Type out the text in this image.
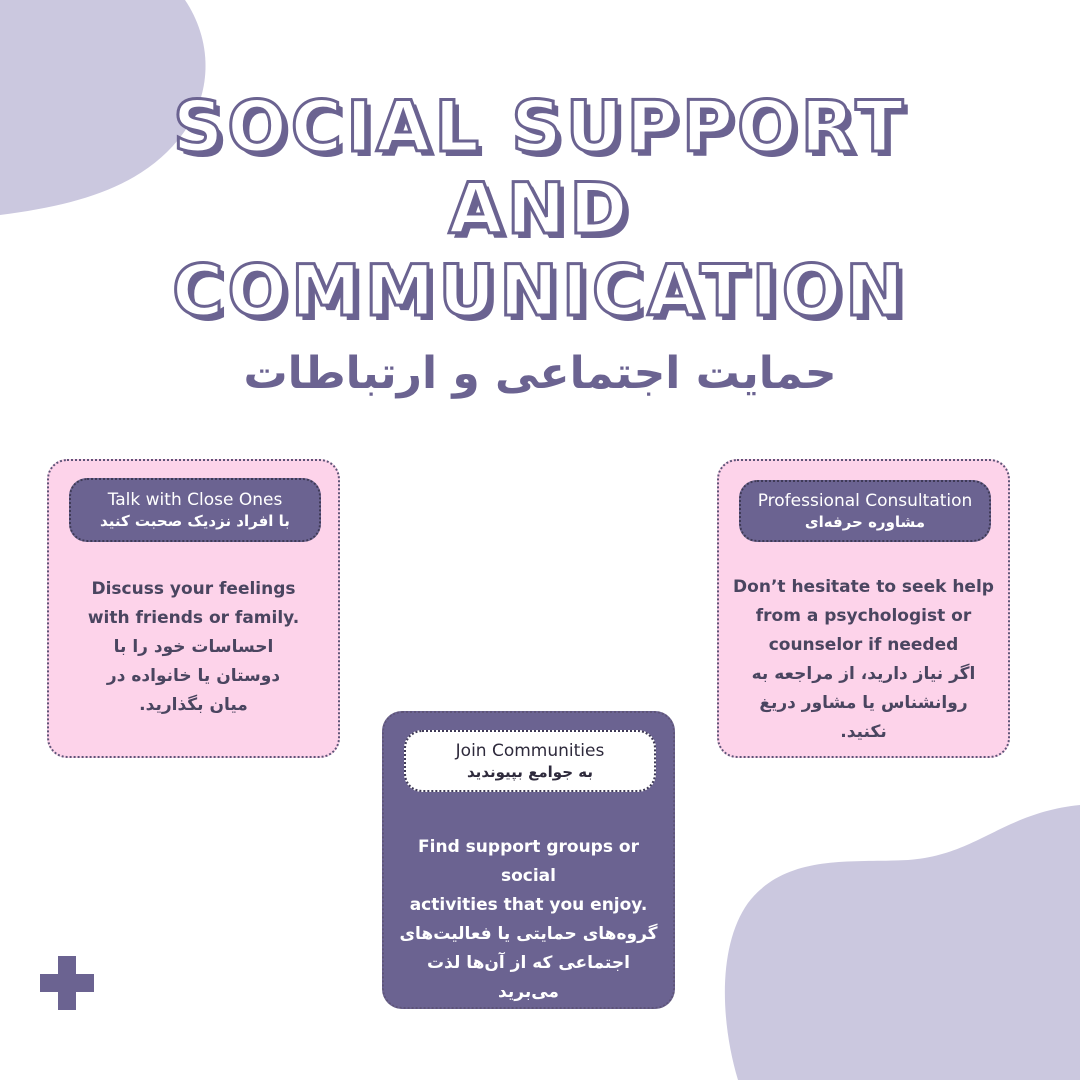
SOCIAL SUPPORT
AND
COMMUNICATION
حمایت اجتماعی و ارتباطات
Talk with Close Ones
با افراد نزدیک صحبت کنید
Discuss your feelings
with friends or family.
احساسات خود را با
دوستان یا خانواده در
میان بگذارید.
Join Communities
به جوامع بپیوندید
Find support groups or social
activities that you enjoy.
گروه‌های حمایتی یا فعالیت‌های
اجتماعی که از آن‌ها لذت می‌برید
را پیدا کنید.
Professional Consultation
مشاوره حرفه‌ای
Don’t hesitate to seek help
from a psychologist or
counselor if needed
اگر نیاز دارید، از مراجعه به
روانشناس یا مشاور دریغ
نکنید.
